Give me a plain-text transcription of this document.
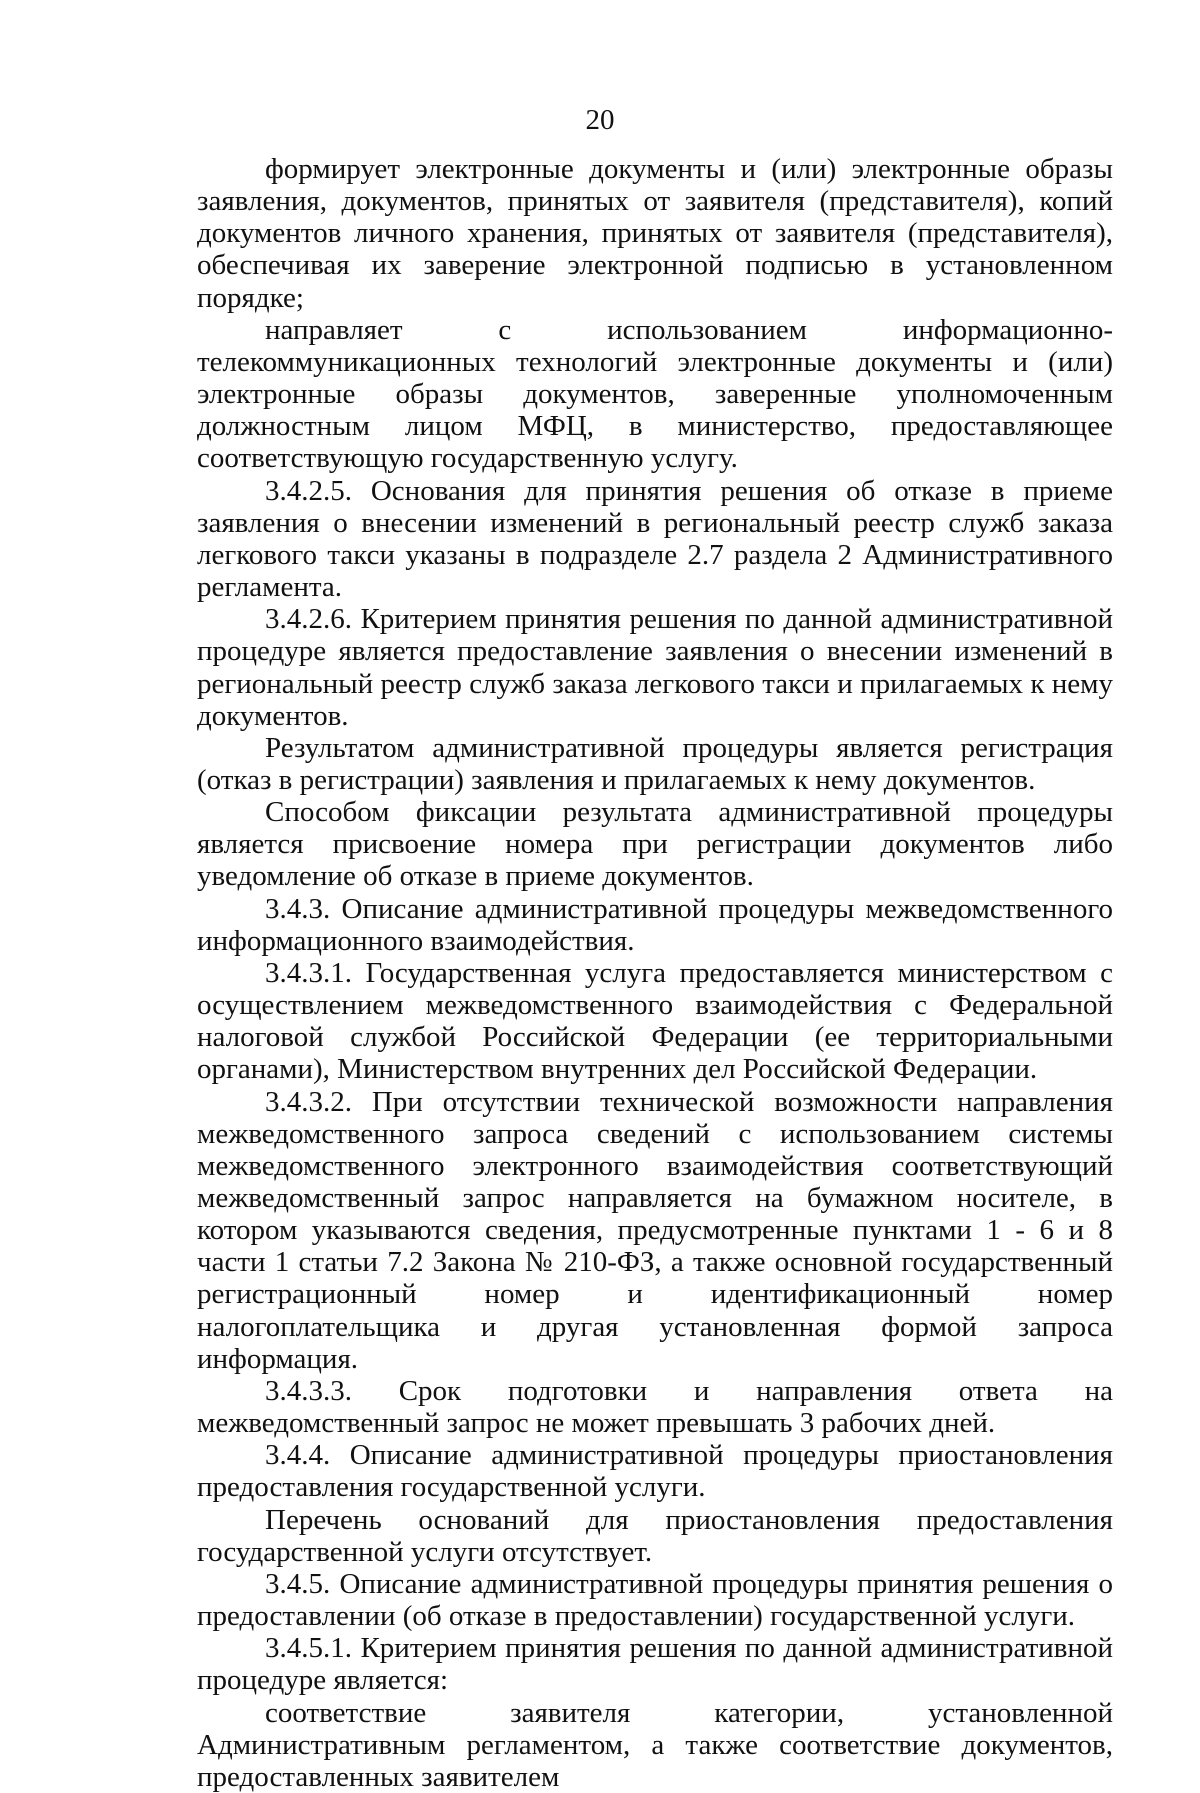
20

формирует электронные документы и (или) электронные образы заявления, документов, принятых от заявителя (представителя), копий документов личного хранения, принятых от заявителя (представителя), обеспечивая их заверение электронной подписью в установленном порядке;

направляет с использованием информационно-телекоммуникационных технологий электронные документы и (или) электронные образы документов, заверенные уполномоченным должностным лицом МФЦ, в министерство, предоставляющее соответствующую государственную услугу.

3.4.2.5. Основания для принятия решения об отказе в приеме заявления о внесении изменений в региональный реестр служб заказа легкового такси указаны в подразделе 2.7 раздела 2 Административного регламента.

3.4.2.6. Критерием принятия решения по данной административной процедуре является предоставление заявления о внесении изменений в региональный реестр служб заказа легкового такси и прилагаемых к нему документов.

Результатом административной процедуры является регистрация (отказ в регистрации) заявления и прилагаемых к нему документов.

Способом фиксации результата административной процедуры является присвоение номера при регистрации документов либо уведомление об отказе в приеме документов.

3.4.3. Описание административной процедуры межведомственного информационного взаимодействия.

3.4.3.1. Государственная услуга предоставляется министерством с осуществлением межведомственного взаимодействия с Федеральной налоговой службой Российской Федерации (ее территориальными органами), Министерством внутренних дел Российской Федерации.

3.4.3.2. При отсутствии технической возможности направления межведомственного запроса сведений с использованием системы межведомственного электронного взаимодействия соответствующий межведомственный запрос направляется на бумажном носителе, в котором указываются сведения, предусмотренные пунктами 1 - 6 и 8 части 1 статьи 7.2 Закона № 210-ФЗ, а также основной государственный регистрационный номер и идентификационный номер налогоплательщика и другая установленная формой запроса информация.

3.4.3.3. Срок подготовки и направления ответа на межведомственный запрос не может превышать 3 рабочих дней.

3.4.4. Описание административной процедуры приостановления предоставления государственной услуги.

Перечень оснований для приостановления предоставления государственной услуги отсутствует.

3.4.5. Описание административной процедуры принятия решения о предоставлении (об отказе в предоставлении) государственной услуги.

3.4.5.1. Критерием принятия решения по данной административной процедуре является:

соответствие заявителя категории, установленной Административным регламентом, а также соответствие документов, предоставленных заявителем
